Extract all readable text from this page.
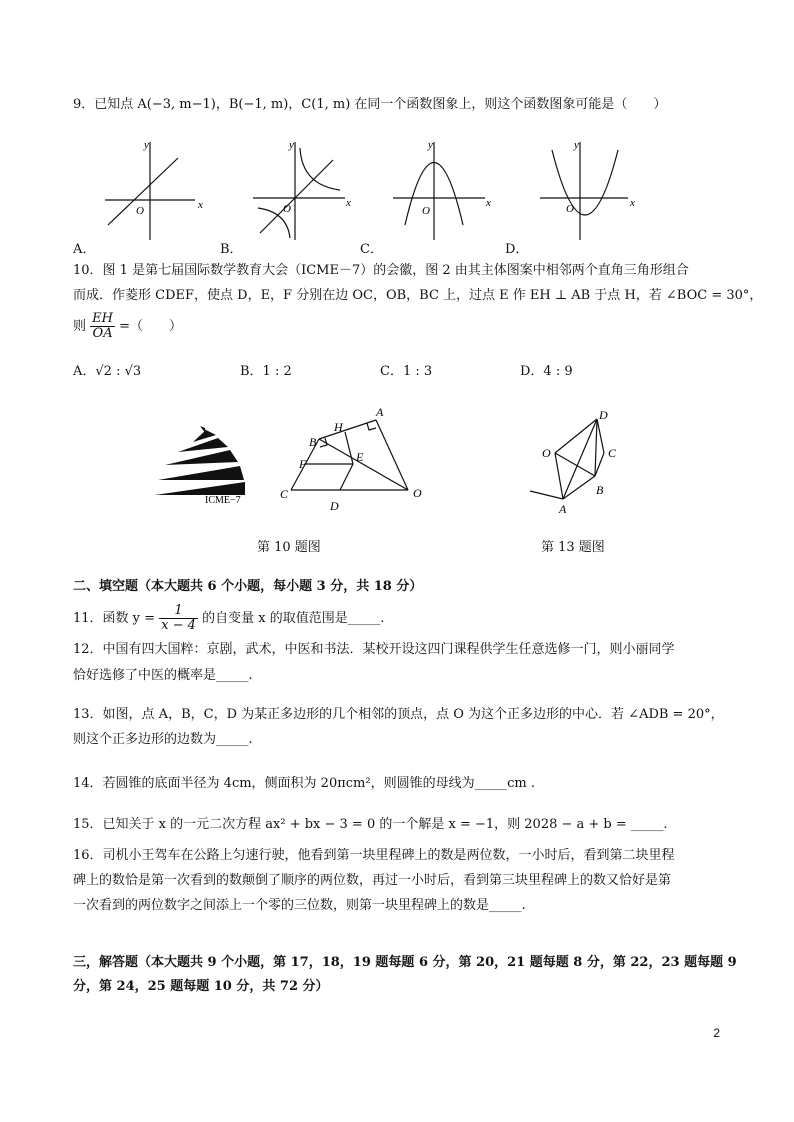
9．已知点 A(−3, m−1)，B(−1, m)，C(1, m) 在同一个函数图象上，则这个函数图象可能是（　　）
x
y
O
x
y
O	x
y
O
x
y
O
A．	B．	C．	D．
10．图 1 是第七届国际数学教育大会（ICME－7）的会徽，图 2 由其主体图案中相邻两个直角三角形组合
而成．作菱形 CDEF，使点 D，E，F 分别在边 OC，OB，BC 上，过点 E 作 EH ⊥ AB 于点 H，若 ∠BOC = 30°，
则 $\frac{EH}{OA}$ =（　　）
A．√2 : √3	B．1 : 2	C．1 : 3	D．4 : 9
ICME−7
A
H
B
E
F
C
D
O
D
O	C
B
A
第 10 题图	第 13 题图
二、填空题（本大题共 6 个小题，每小题 3 分，共 18 分）
11．函数 $y = \frac{1}{x - 4}$ 的自变量 x 的取值范围是_____.
12．中国有四大国粹：京剧，武术，中医和书法．某校开设这四门课程供学生任意选修一门，则小丽同学
恰好选修了中医的概率是_____.
13．如图，点 A，B，C，D 为某正多边形的几个相邻的顶点，点 O 为这个正多边形的中心．若 ∠ADB = 20°，
则这个正多边形的边数为_____.
14．若圆锥的底面半径为 4cm，侧面积为 20πcm²，则圆锥的母线为_____cm .
15．已知关于 x 的一元二次方程 ax² + bx − 3 = 0 的一个解是 x = −1，则 2028 − a + b = _____.
16．司机小王驾车在公路上匀速行驶，他看到第一块里程碑上的数是两位数，一小时后，看到第二块里程
碑上的数恰是第一次看到的数颠倒了顺序的两位数，再过一小时后，看到第三块里程碑上的数又恰好是第
一次看到的两位数字之间添上一个零的三位数，则第一块里程碑上的数是_____.
三，解答题（本大题共 9 个小题，第 17，18，19 题每题 6 分，第 20，21 题每题 8 分，第 22，23 题每题 9
分，第 24，25 题每题 10 分，共 72 分）
2
